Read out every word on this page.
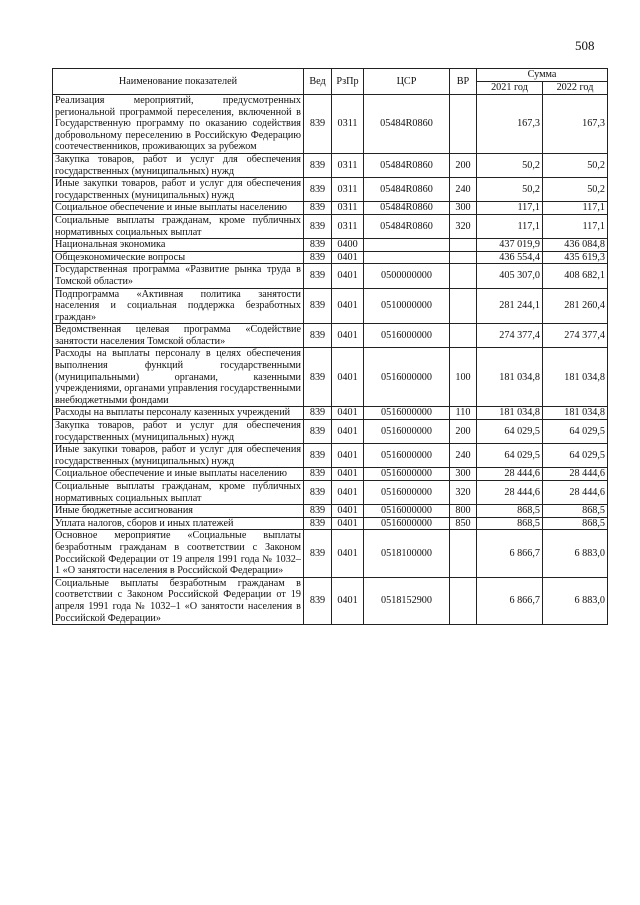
508
Наименование показателей	Вед	РзПр	ЦСР	ВР	Сумма	
					2021 год	2022 год
Реализация мероприятий, предусмотренных региональной программой переселения, включенной в Государственную программу по оказанию содействия добровольному переселению в Российскую Федерацию соотечественников, проживающих за рубежом	839	0311	05484R0860		167,3	167,3
Закупка товаров, работ и услуг для обеспечения государственных (муниципальных) нужд	839	0311	05484R0860	200	50,2	50,2
Иные закупки товаров, работ и услуг для обеспечения государственных (муниципальных) нужд	839	0311	05484R0860	240	50,2	50,2
Социальное обеспечение и иные выплаты населению	839	0311	05484R0860	300	117,1	117,1
Социальные выплаты гражданам, кроме публичных нормативных социальных выплат	839	0311	05484R0860	320	117,1	117,1
Национальная экономика	839	0400			437 019,9	436 084,8
Общеэкономические вопросы	839	0401			436 554,4	435 619,3
Государственная программа «Развитие рынка труда в Томской области»	839	0401	0500000000		405 307,0	408 682,1
Подпрограмма «Активная политика занятости населения и социальная поддержка безработных граждан»	839	0401	0510000000		281 244,1	281 260,4
Ведомственная целевая программа «Содействие занятости населения Томской области»	839	0401	0516000000		274 377,4	274 377,4
Расходы на выплаты персоналу в целях обеспечения выполнения функций государственными (муниципальными) органами, казенными учреждениями, органами управления государственными внебюджетными фондами	839	0401	0516000000	100	181 034,8	181 034,8
Расходы на выплаты персоналу казенных учреждений	839	0401	0516000000	110	181 034,8	181 034,8
Закупка товаров, работ и услуг для обеспечения государственных (муниципальных) нужд	839	0401	0516000000	200	64 029,5	64 029,5
Иные закупки товаров, работ и услуг для обеспечения государственных (муниципальных) нужд	839	0401	0516000000	240	64 029,5	64 029,5
Социальное обеспечение и иные выплаты населению	839	0401	0516000000	300	28 444,6	28 444,6
Социальные выплаты гражданам, кроме публичных нормативных социальных выплат	839	0401	0516000000	320	28 444,6	28 444,6
Иные бюджетные ассигнования	839	0401	0516000000	800	868,5	868,5
Уплата налогов, сборов и иных платежей	839	0401	0516000000	850	868,5	868,5
Основное мероприятие «Социальные выплаты безработным гражданам в соответствии с Законом Российской Федерации от 19 апреля 1991 года № 1032–1 «О занятости населения в Российской Федерации»	839	0401	0518100000		6 866,7	6 883,0
Социальные выплаты безработным гражданам в соответствии с Законом Российской Федерации от 19 апреля 1991 года № 1032–1 «О занятости населения в Российской Федерации»	839	0401	0518152900		6 866,7	6 883,0
